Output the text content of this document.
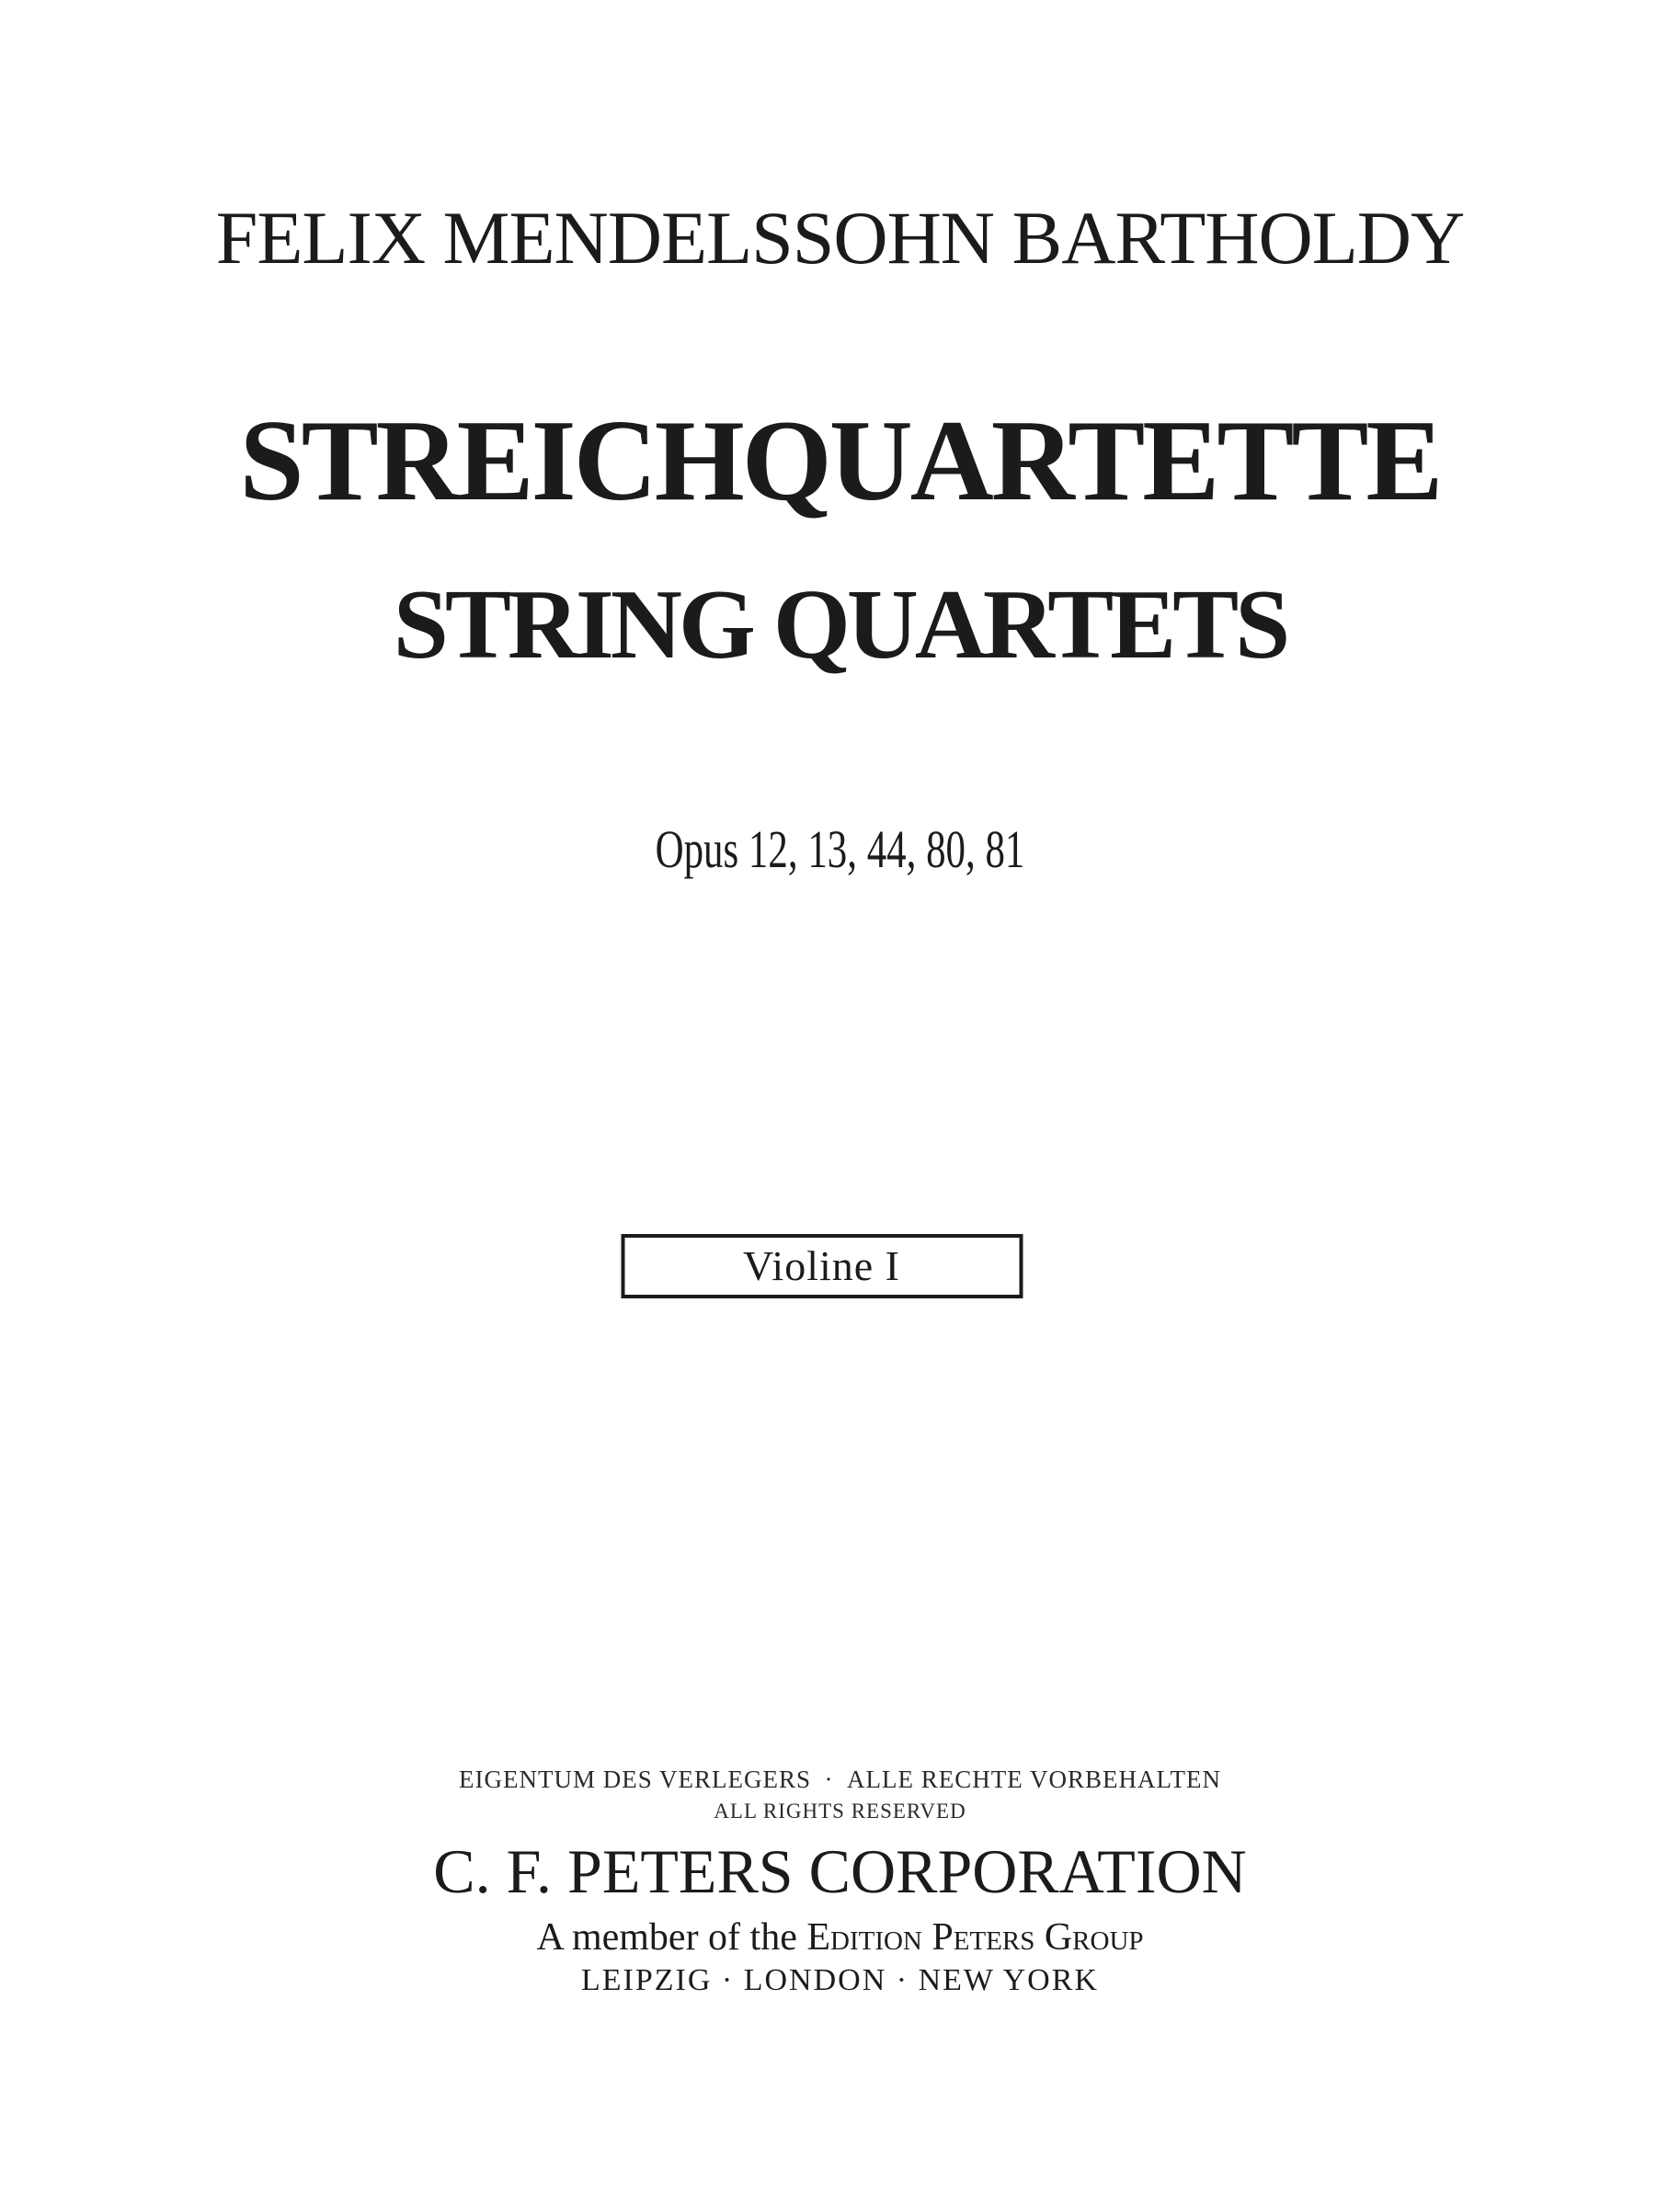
FELIX MENDELSSOHN BARTHOLDY
STREICHQUARTETTE
STRING QUARTETS
Opus 12, 13, 44, 80, 81
Violine I
EIGENTUM DES VERLEGERS · ALLE RECHTE VORBEHALTEN
ALL RIGHTS RESERVED
C. F. PETERS CORPORATION
A member of the Edition Peters Group
LEIPZIG · LONDON · NEW YORK
